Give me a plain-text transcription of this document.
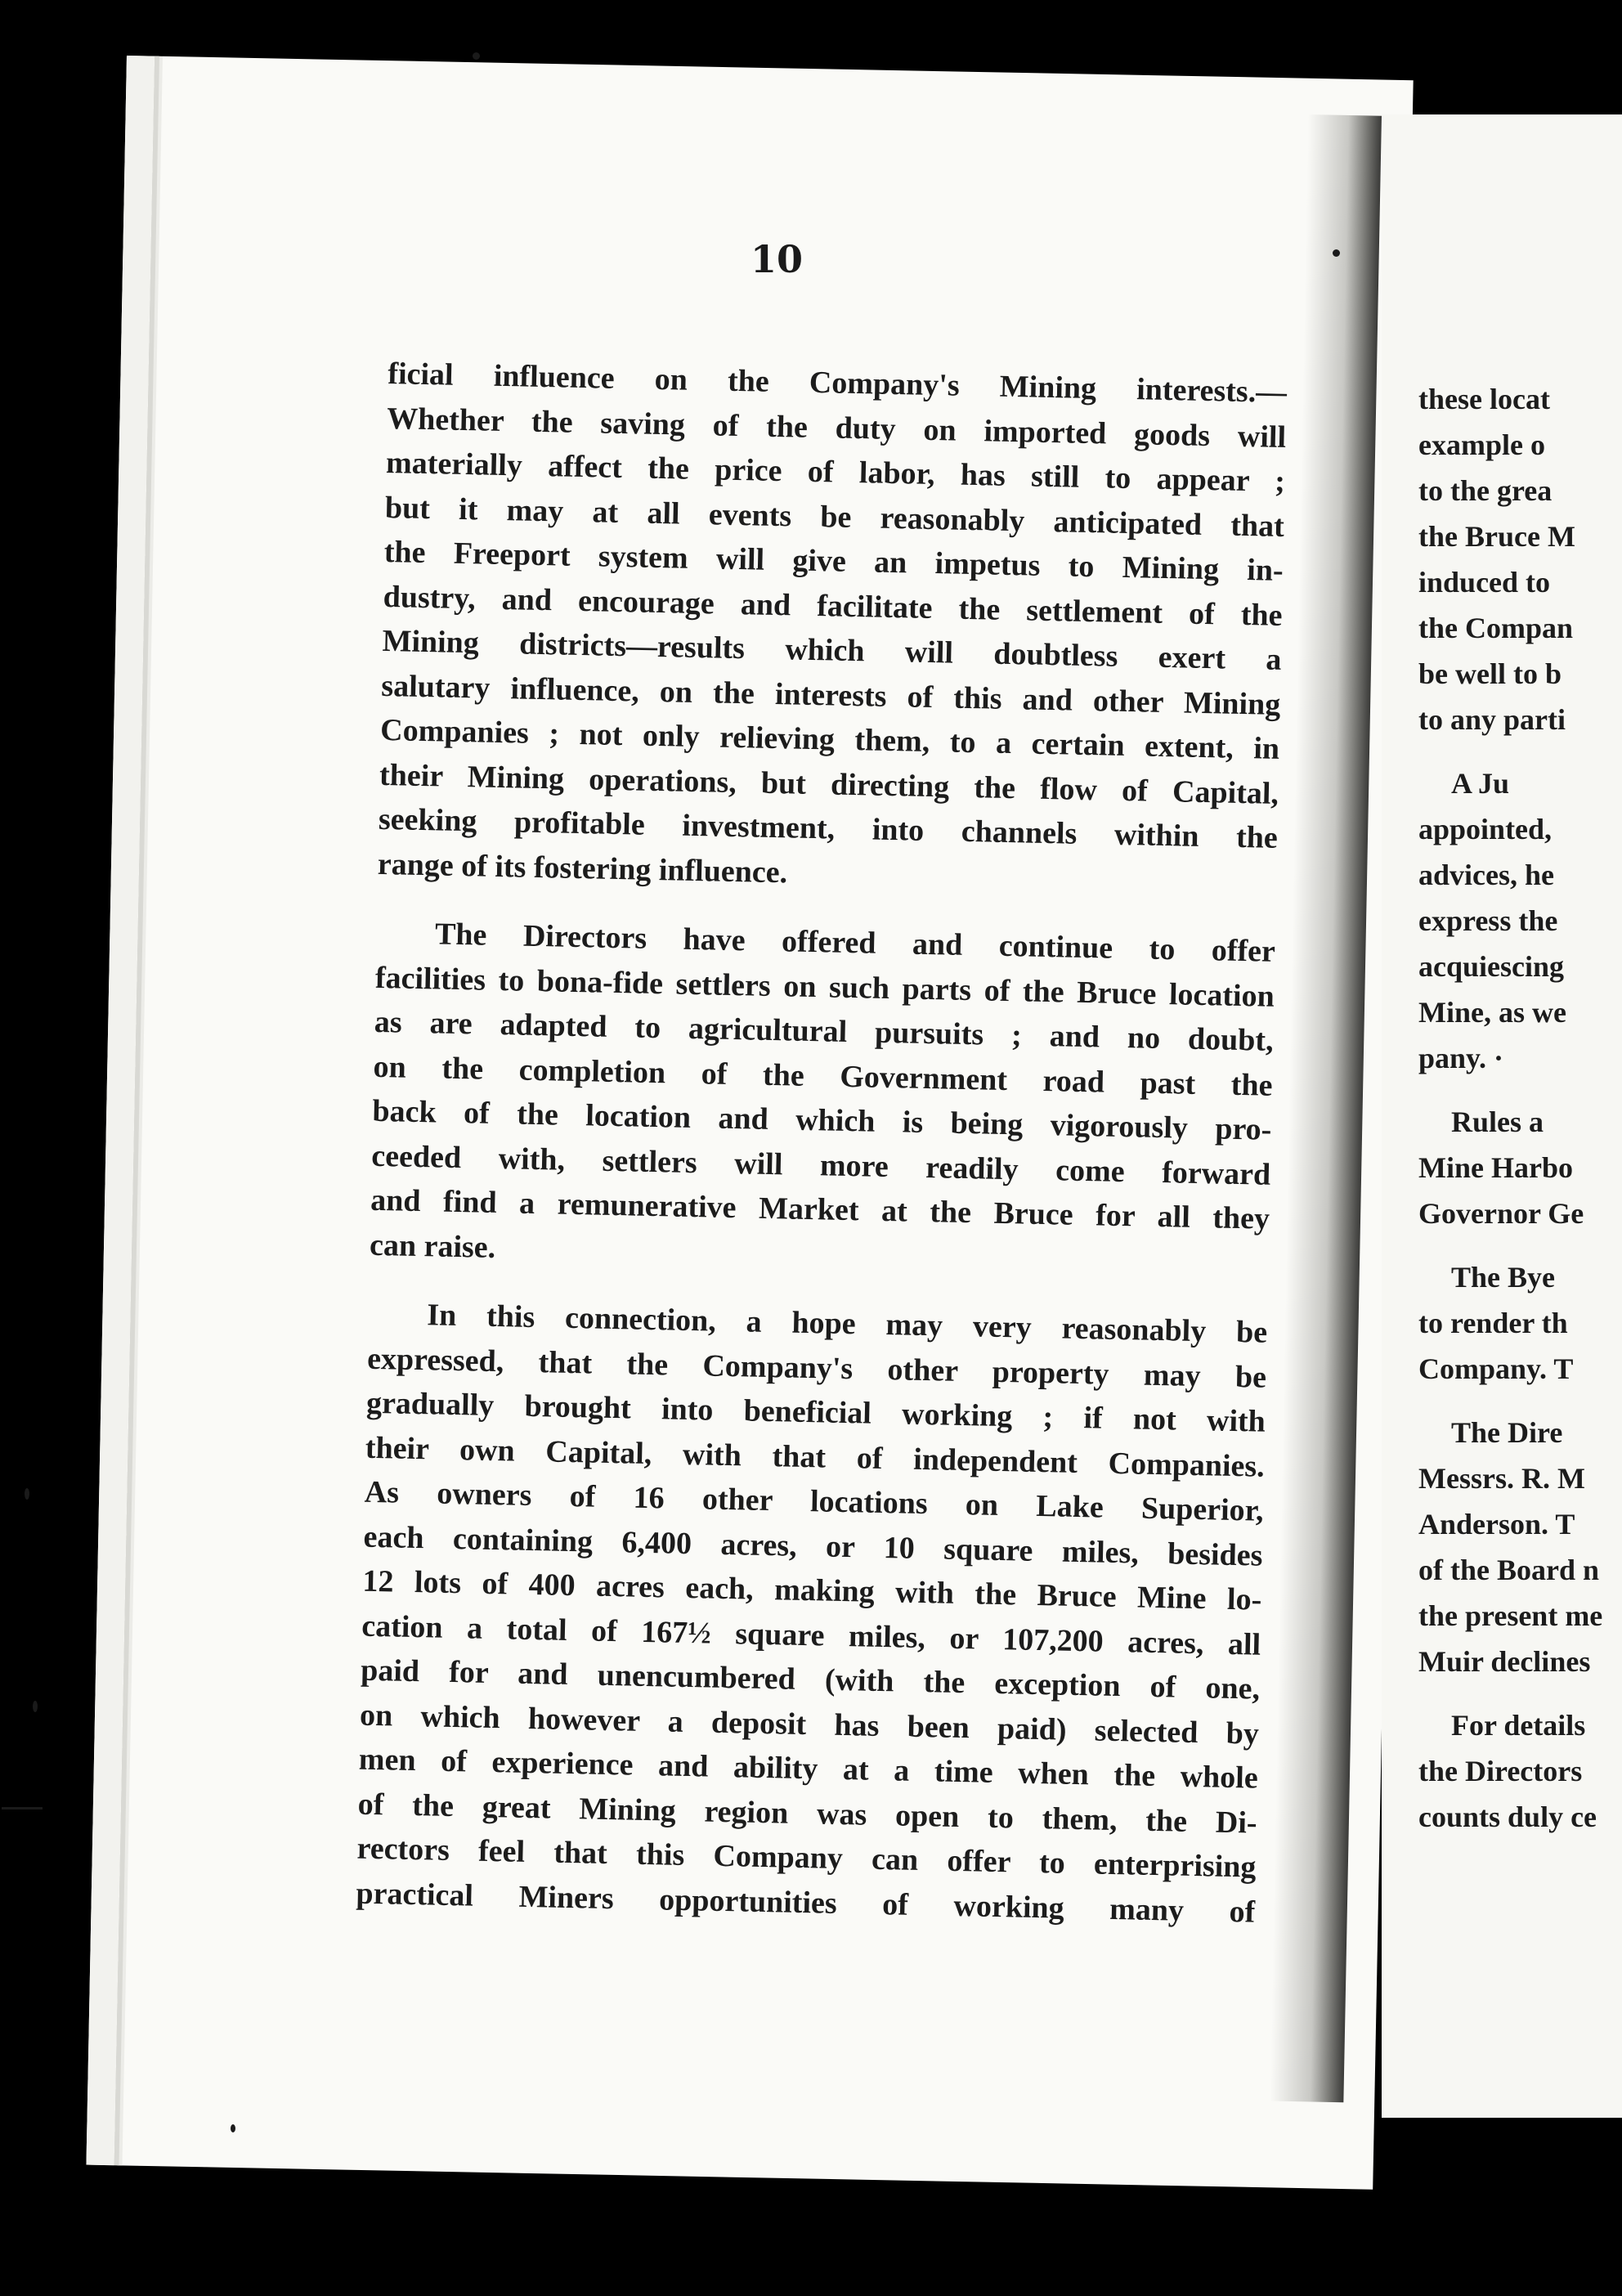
10
ficial influence on the Company's Mining interests.—
Whether the saving of the duty on imported goods will
materially affect the price of labor, has still to appear ;
but it may at all events be reasonably anticipated that
the Freeport system will give an impetus to Mining in-
dustry, and encourage and facilitate the settlement of the
Mining districts—results which will doubtless exert a
salutary influence, on the interests of this and other Mining
Companies ; not only relieving them, to a certain extent, in
their Mining operations, but directing the flow of Capital,
seeking profitable investment, into channels within the
range of its fostering influence.
The Directors have offered and continue to offer
facilities to bona-fide settlers on such parts of the Bruce location
as are adapted to agricultural pursuits ; and no doubt,
on the completion of the Government road past the
back of the location and which is being vigorously pro-
ceeded with, settlers will more readily come forward
and find a remunerative Market at the Bruce for all they
can raise.
In this connection, a hope may very reasonably be
expressed, that the Company's other property may be
gradually brought into beneficial working ; if not with
their own Capital, with that of independent Companies.
As owners of 16 other locations on Lake Superior,
each containing 6,400 acres, or 10 square miles, besides
12 lots of 400 acres each, making with the Bruce Mine lo-
cation a total of 167½ square miles, or 107,200 acres, all
paid for and unencumbered (with the exception of one,
on which however a deposit has been paid) selected by
men of experience and ability at a time when the whole
of the great Mining region was open to them, the Di-
rectors feel that this Company can offer to enterprising
practical Miners opportunities of working many of
these locat
example o
to the grea
the Bruce M
induced to
the Compan
be well to b
to any parti
A Ju
appointed,
advices, he
express the
acquiescing
Mine, as we
pany. ·
Rules a
Mine Harbo
Governor Ge
The Bye
to render th
Company. T
The Dire
Messrs. R. M
Anderson. T
of the Board n
the present me
Muir declines
For details
the Directors
counts duly ce
